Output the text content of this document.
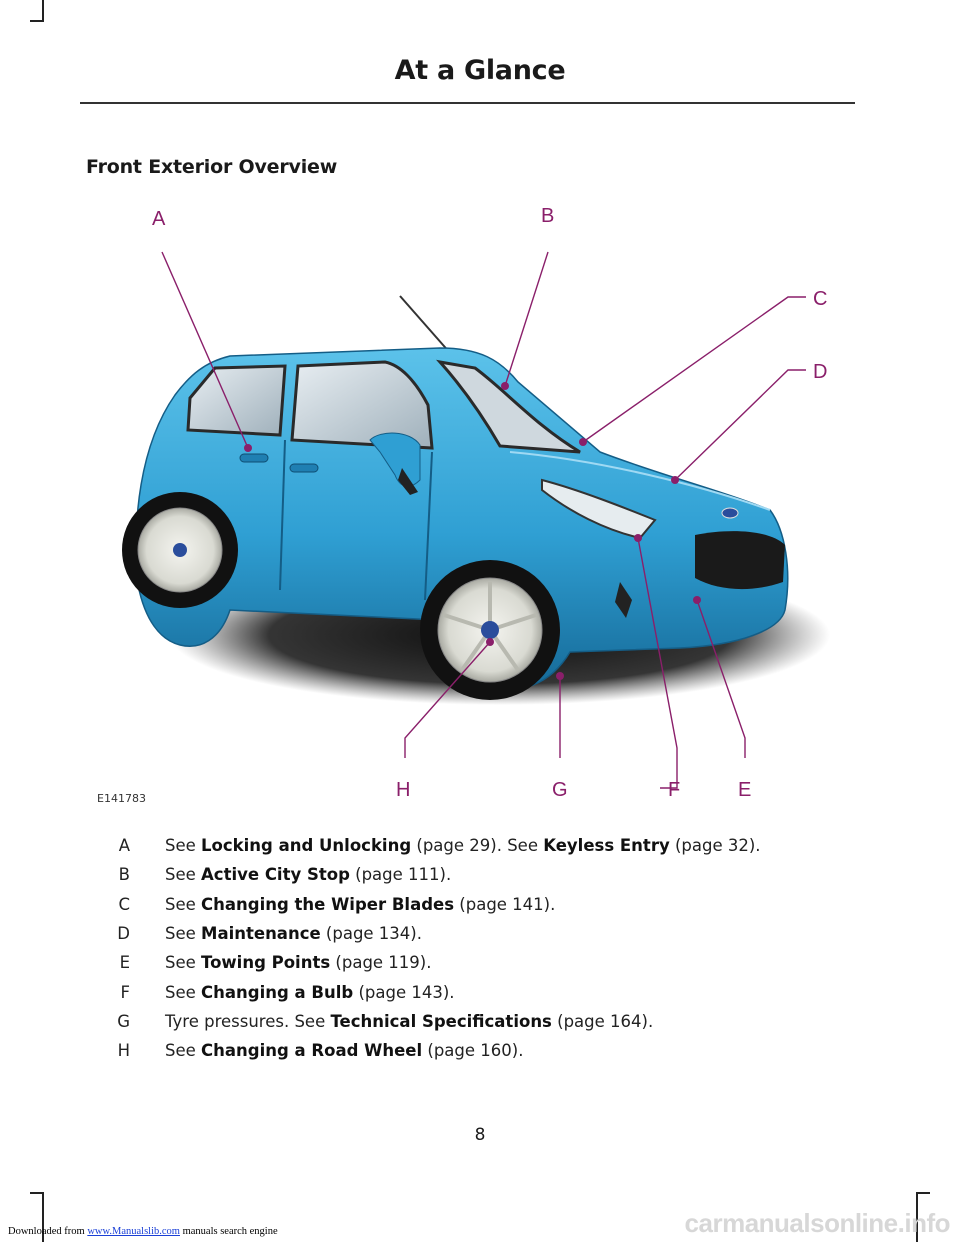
At a Glance
Front Exterior Overview
A	B
C
D
E
F
G
H
E141783
A See Locking and Unlocking (page 29). See Keyless Entry (page 32).
B See Active City Stop (page 111).
C See Changing the Wiper Blades (page 141).
D See Maintenance (page 134).
E See Towing Points (page 119).
F See Changing a Bulb (page 143).
G Tyre pressures. See Technical Specifications (page 164).
H See Changing a Road Wheel (page 160).
8
Downloaded from www.Manualslib.com manuals search engine	carmanualsonline.info
